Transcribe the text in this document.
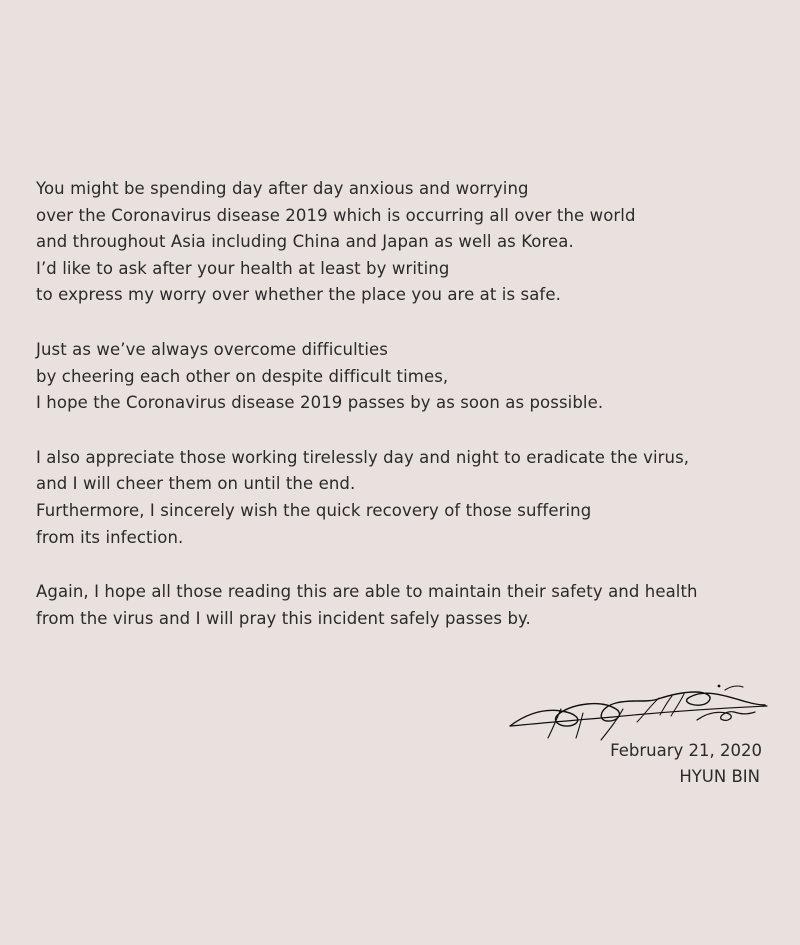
You might be spending day after day anxious and worrying
over the Coronavirus disease 2019 which is occurring all over the world
and throughout Asia including China and Japan as well as Korea.
I’d like to ask after your health at least by writing
to express my worry over whether the place you are at is safe.
Just as we’ve always overcome difficulties
by cheering each other on despite difficult times,
I hope the Coronavirus disease 2019 passes by as soon as possible.
I also appreciate those working tirelessly day and night to eradicate the virus,
and I will cheer them on until the end.
Furthermore, I sincerely wish the quick recovery of those suffering
from its infection.
Again, I hope all those reading this are able to maintain their safety and health
from the virus and I will pray this incident safely passes by.
February 21, 2020
HYUN BIN
